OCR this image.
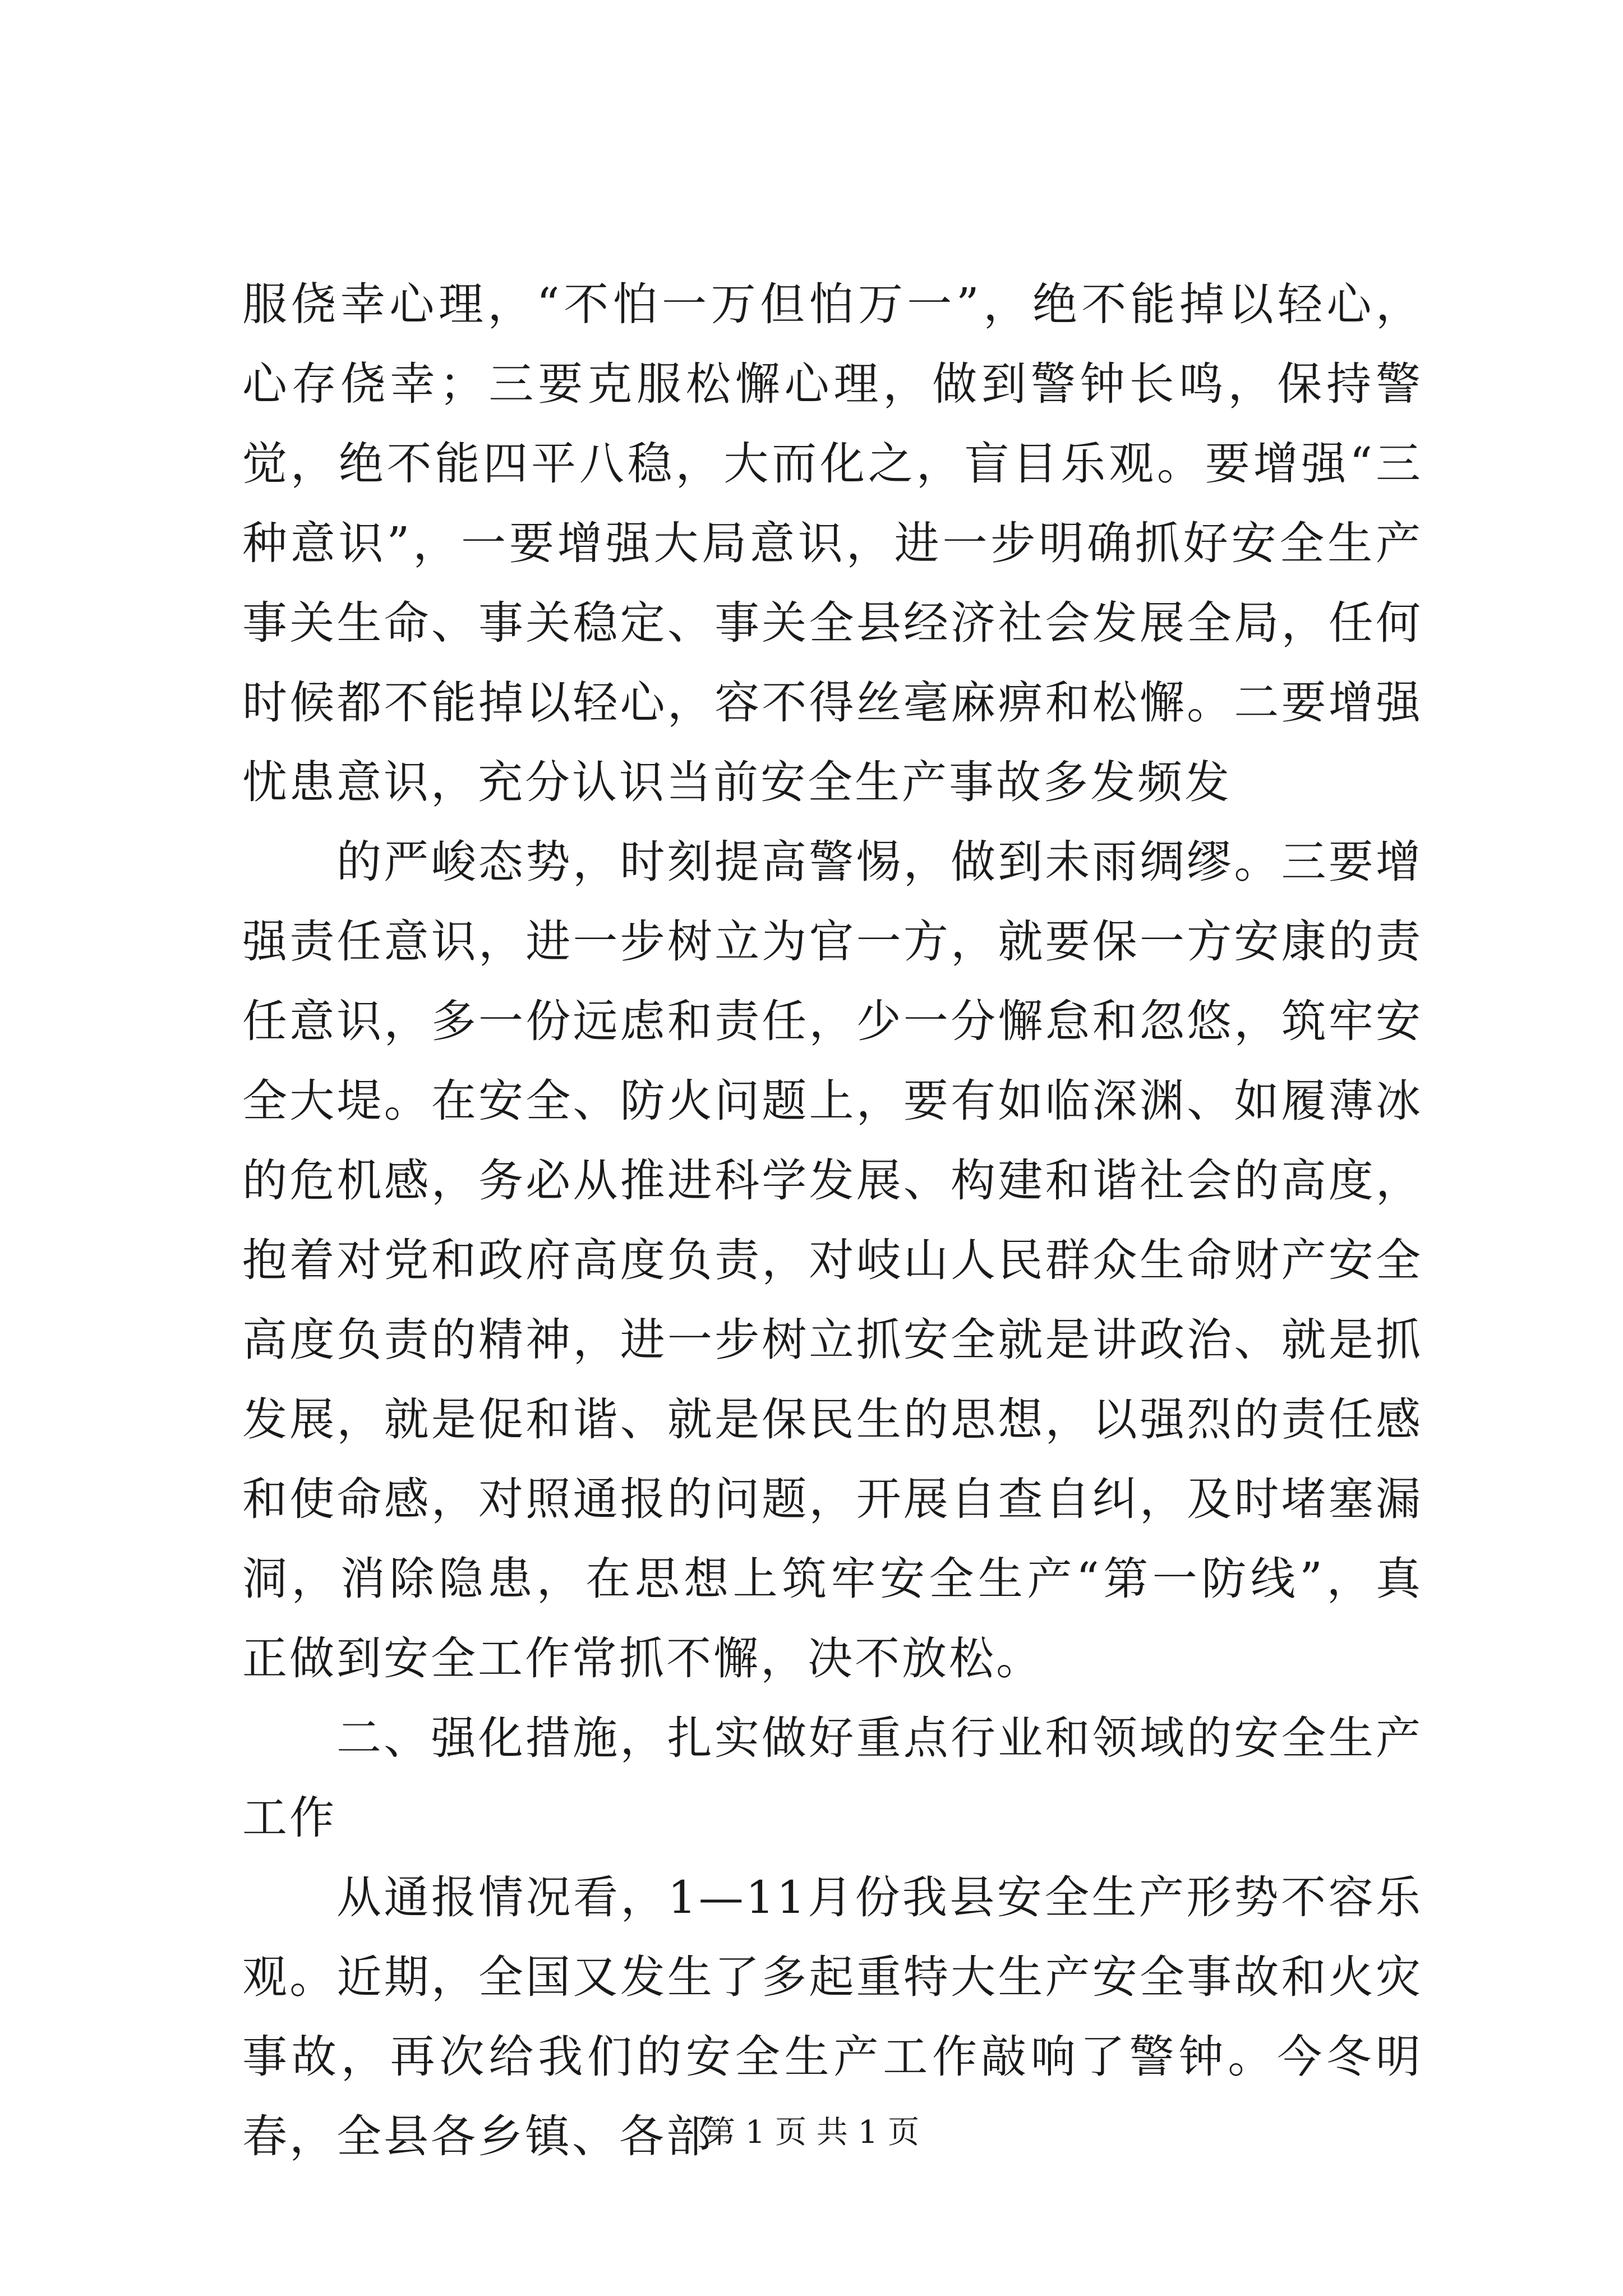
服侥幸心理，“不怕一万但怕万一”，绝不能掉以轻心，心存侥幸；三要克服松懈心理，做到警钟长鸣，保持警觉，绝不能四平八稳，大而化之，盲目乐观。要增强“三种意识”，一要增强大局意识，进一步明确抓好安全生产事关生命、事关稳定、事关全县经济社会发展全局，任何时候都不能掉以轻心，容不得丝毫麻痹和松懈。二要增强忧患意识，充分认识当前安全生产事故多发频发

的严峻态势，时刻提高警惕，做到未雨绸缪。三要增强责任意识，进一步树立为官一方，就要保一方安康的责任意识，多一份远虑和责任，少一分懈怠和忽悠，筑牢安全大堤。在安全、防火问题上，要有如临深渊、如履薄冰的危机感，务必从推进科学发展、构建和谐社会的高度，抱着对党和政府高度负责，对岐山人民群众生命财产安全高度负责的精神，进一步树立抓安全就是讲政治、就是抓发展，就是促和谐、就是保民生的思想，以强烈的责任感和使命感，对照通报的问题，开展自查自纠，及时堵塞漏洞，消除隐患，在思想上筑牢安全生产“第一防线”，真正做到安全工作常抓不懈，决不放松。

二、强化措施，扎实做好重点行业和领域的安全生产工作

从通报情况看，1—11月份我县安全生产形势不容乐观。近期，全国又发生了多起重特大生产安全事故和火灾事故，再次给我们的安全生产工作敲响了警钟。今冬明春，全县各乡镇、各部

第 1 页 共 1 页
